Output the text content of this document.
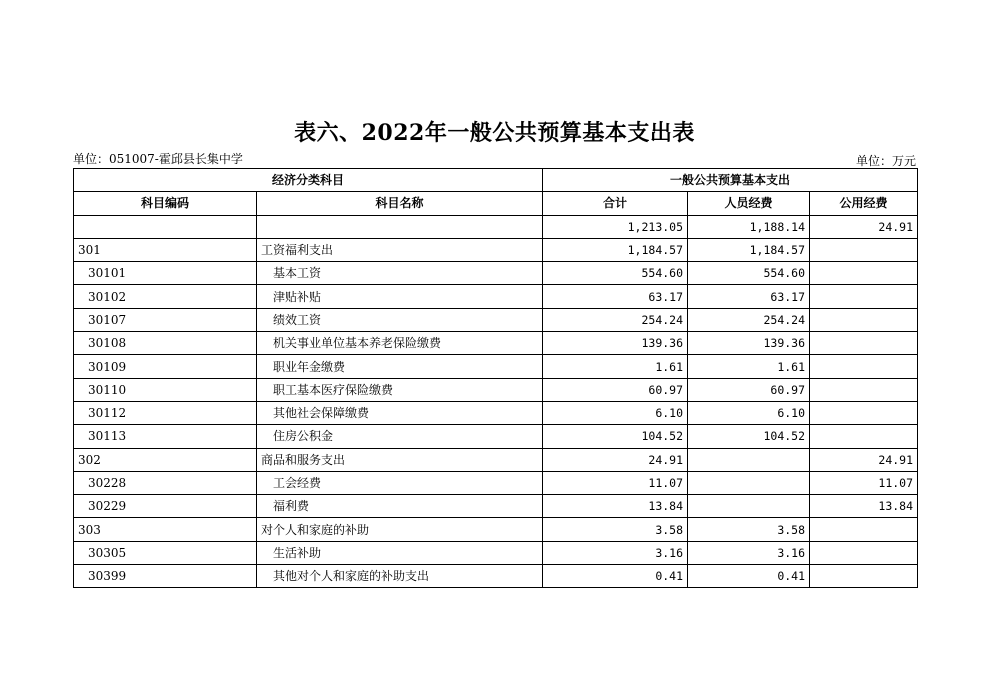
表六、2022年一般公共预算基本支出表
单位：051007-霍邱县长集中学	单位：万元
经济分类科目		一般公共预算基本支出		
科目编码	科目名称	合计	人员经费	公用经费
		1,213.05	1,188.14	24.91
301	工资福利支出	1,184.57	1,184.57	
30101	基本工资	554.60	554.60	
30102	津贴补贴	63.17	63.17	
30107	绩效工资	254.24	254.24	
30108	机关事业单位基本养老保险缴费	139.36	139.36	
30109	职业年金缴费	1.61	1.61	
30110	职工基本医疗保险缴费	60.97	60.97	
30112	其他社会保障缴费	6.10	6.10	
30113	住房公积金	104.52	104.52	
302	商品和服务支出	24.91		24.91
30228	工会经费	11.07		11.07
30229	福利费	13.84		13.84
303	对个人和家庭的补助	3.58	3.58	
30305	生活补助	3.16	3.16	
30399	其他对个人和家庭的补助支出	0.41	0.41	
